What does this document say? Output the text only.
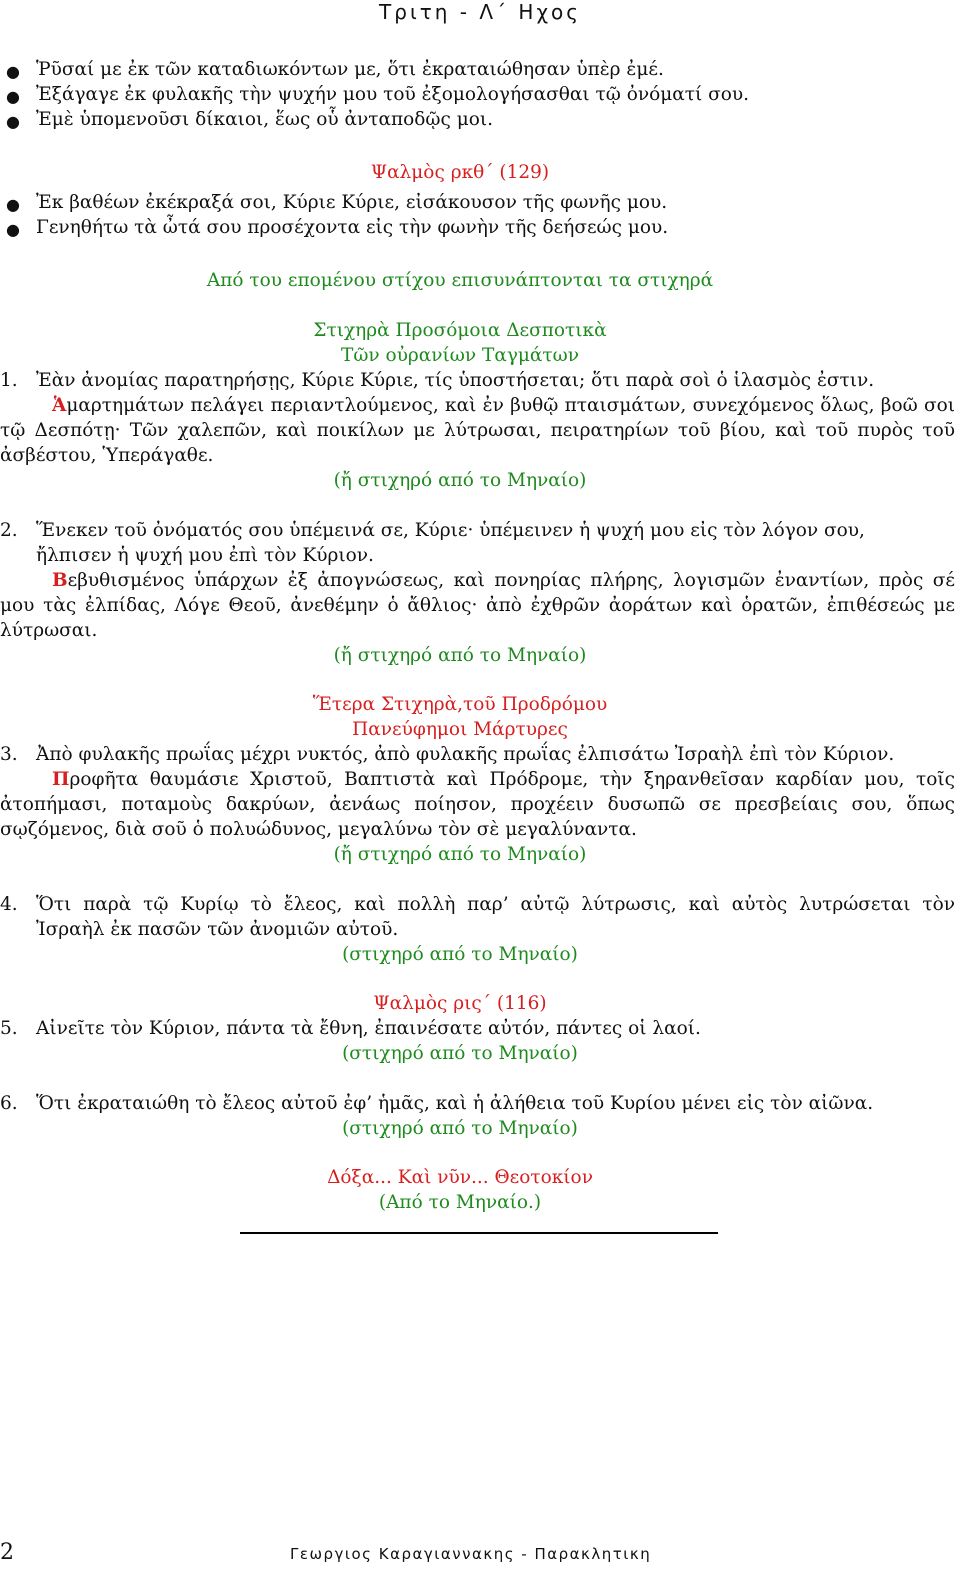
Τριτη - Λ΄ Ηχος
● Ῥῦσαί με ἐκ τῶν καταδιωκόντων με, ὅτι ἐκραταιώθησαν ὑπὲρ ἐμέ.
● Ἐξάγαγε ἐκ φυλακῆς τὴν ψυχήν μου τοῦ ἐξομολογήσασθαι τῷ ὀνόματί σου.
● Ἐμὲ ὑπομενοῦσι δίκαιοι, ἕως οὗ ἀνταποδῷς μοι.
Ψαλμὸς ρκθ΄ (129)
● Ἐκ βαθέων ἐκέκραξά σοι, Κύριε Κύριε, εἰσάκουσον τῆς φωνῆς μου.
● Γενηθήτω τὰ ὦτά σου προσέχοντα εἰς τὴν φωνὴν τῆς δεήσεώς μου.
Από του επομένου στίχου επισυνάπτονται τα στιχηρά
Στιχηρὰ Προσόμοια Δεσποτικὰ
Τῶν οὐρανίων Ταγμάτων
1. Ἐὰν ἀνομίας παρατηρήσῃς, Κύριε Κύριε, τίς ὑποστήσεται; ὅτι παρὰ σοὶ ὁ ἱλασμὸς ἐστιν.
Ἁμαρτημάτων πελάγει περιαντλούμενος, καὶ ἐν βυθῷ πταισμάτων, συνεχόμενος ὅλως, βοῶ σοι τῷ Δεσπότῃ· Τῶν χαλεπῶν, καὶ ποικίλων με λύτρωσαι, πειρατηρίων τοῦ βίου, καὶ τοῦ πυρὸς τοῦ ἀσβέστου, Ὑπεράγαθε.
(ἤ στιχηρό από το Μηναίο)
2. Ἕνεκεν τοῦ ὀνόματός σου ὑπέμεινά σε, Κύριε· ὑπέμεινεν ἡ ψυχή μου εἰς τὸν λόγον σου,
ἤλπισεν ἡ ψυχή μου ἐπὶ τὸν Κύριον.
Βεβυθισμένος ὑπάρχων ἐξ ἀπογνώσεως, καὶ πονηρίας πλήρης, λογισμῶν ἐναντίων, πρὸς σέ μου τὰς ἐλπίδας, Λόγε Θεοῦ, ἀνεθέμην ὁ ἄθλιος· ἀπὸ ἐχθρῶν ἀοράτων καὶ ὁρατῶν, ἐπιθέσεώς με λύτρωσαι.
(ἤ στιχηρό από το Μηναίο)
Ἕτερα Στιχηρὰ,τοῦ Προδρόμου
Πανεύφημοι Μάρτυρες
3. Ἀπὸ φυλακῆς πρωΐας μέχρι νυκτός, ἀπὸ φυλακῆς πρωΐας ἐλπισάτω Ἰσραὴλ ἐπὶ τὸν Κύριον.
Προφῆτα θαυμάσιε Χριστοῦ, Βαπτιστὰ καὶ Πρόδρομε, τὴν ξηρανθεῖσαν καρδίαν μου, τοῖς ἀτοπήμασι, ποταμοὺς δακρύων, ἀενάως ποίησον, προχέειν δυσωπῶ σε πρεσβείαις σου, ὅπως σῳζόμενος, διὰ σοῦ ὁ πολυώδυνος, μεγαλύνω τὸν σὲ μεγαλύναντα.
(ἤ στιχηρό από το Μηναίο)
4. Ὅτι παρὰ τῷ Κυρίῳ τὸ ἔλεος, καὶ πολλὴ παρ’ αὐτῷ λύτρωσις, καὶ αὐτὸς λυτρώσεται τὸν
Ἰσραὴλ ἐκ πασῶν τῶν ἀνομιῶν αὐτοῦ.
(στιχηρό από το Μηναίο)
Ψαλμὸς ρις΄ (116)
5. Αἰνεῖτε τὸν Κύριον, πάντα τὰ ἔθνη, ἐπαινέσατε αὐτόν, πάντες οἱ λαοί.
(στιχηρό από το Μηναίο)
6. Ὅτι ἐκραταιώθη τὸ ἔλεος αὐτοῦ ἐφ’ ἡμᾶς, καὶ ἡ ἀλήθεια τοῦ Κυρίου μένει εἰς τὸν αἰῶνα.
(στιχηρό από το Μηναίο)
Δόξα... Καὶ νῦν... Θεοτοκίον
(Από το Μηναίο.)
2	Γεωργιος Καραγιαννακης - Παρακλητικη
